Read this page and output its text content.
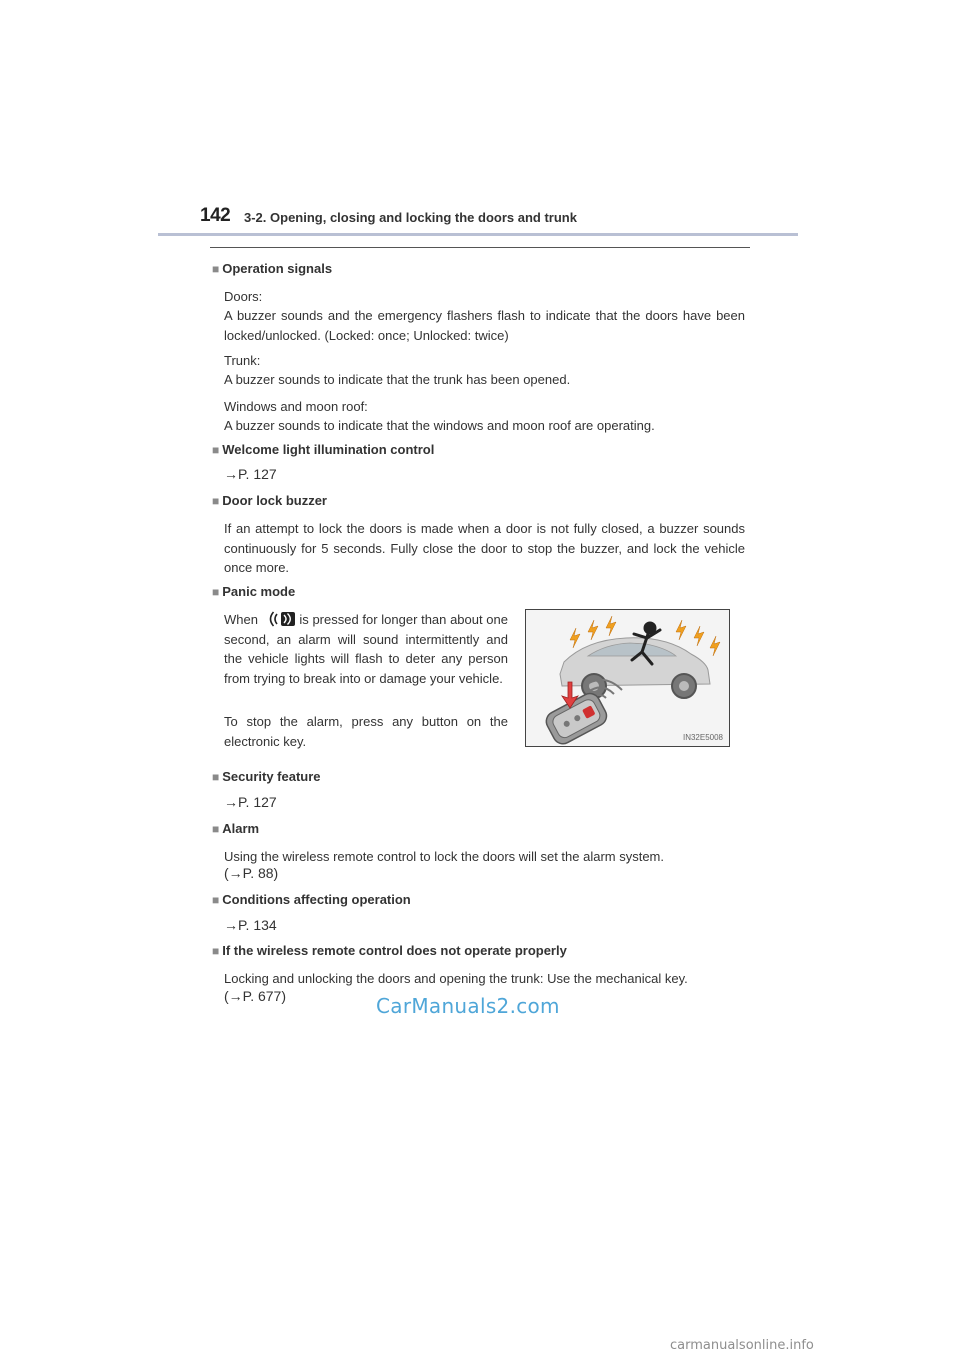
142 3-2. Opening, closing and locking the doors and trunk
■ Operation signals
Doors:
A buzzer sounds and the emergency flashers flash to indicate that the doors have been locked/unlocked. (Locked: once; Unlocked: twice)
Trunk:
A buzzer sounds to indicate that the trunk has been opened.
Windows and moon roof:
A buzzer sounds to indicate that the windows and moon roof are operating.
■ Welcome light illumination control
→P. 127
■ Door lock buzzer
If an attempt to lock the doors is made when a door is not fully closed, a buzzer sounds continuously for 5 seconds. Fully close the door to stop the buzzer, and lock the vehicle once more.
■ Panic mode
When	is pressed for longer than about one second, an alarm will sound intermittently and the vehicle lights will flash to deter any person from trying to break into or damage your vehicle.
To stop the alarm, press any button on the electronic key.	IN32E5008
■ Security feature
→P. 127
■ Alarm
Using the wireless remote control to lock the doors will set the alarm system.
(→P. 88)
■ Conditions affecting operation
→P. 134
■ If the wireless remote control does not operate properly
Locking and unlocking the doors and opening the trunk: Use the mechanical key.
(→P. 677)	CarManuals2.com
carmanualsonline.info
